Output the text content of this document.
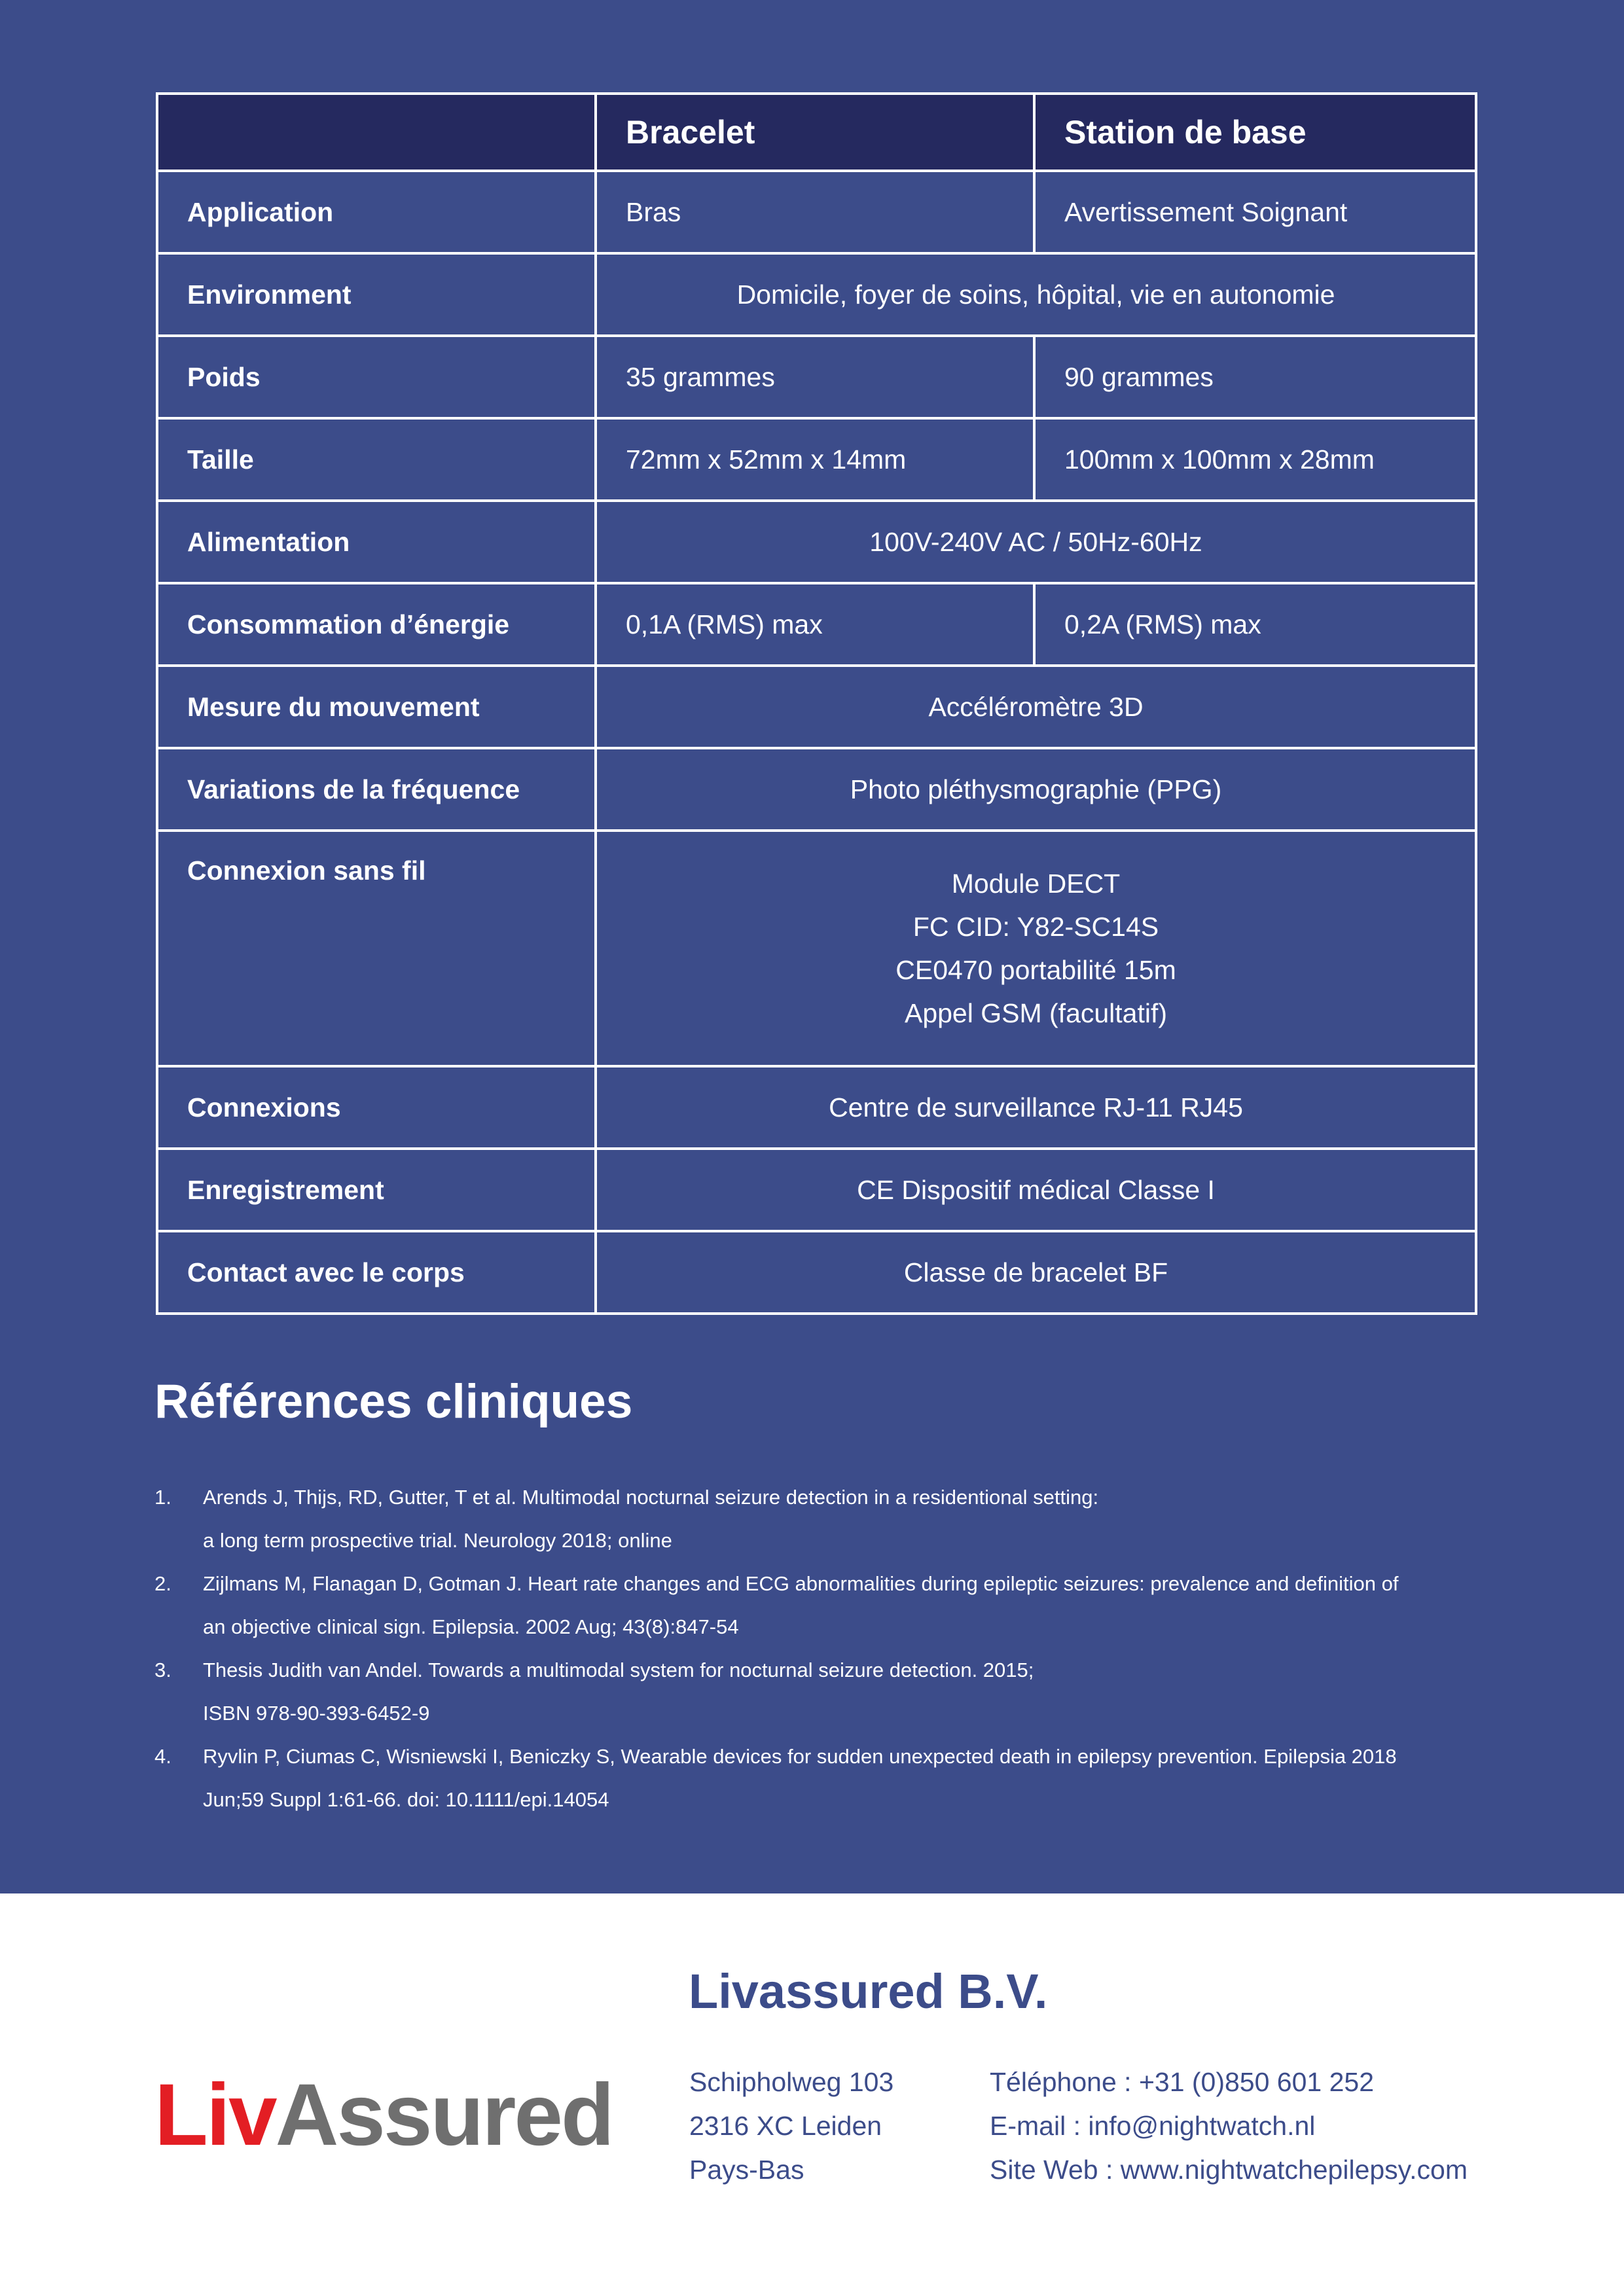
	Bracelet	Station de base
Application	Bras	Avertissement Soignant
Environment	Domicile, foyer de soins, hôpital, vie en autonomie	
Poids	35 grammes	90 grammes
Taille	72mm x 52mm x 14mm	100mm x 100mm x 28mm
Alimentation	100V-240V AC / 50Hz-60Hz	
Consommation d’énergie	0,1A (RMS) max	0,2A (RMS) max
Mesure du mouvement	Accéléromètre 3D	
Variations de la fréquence	Photo pléthysmographie (PPG)	
Connexion sans fil	Module DECT
FC CID: Y82-SC14S
CE0470 portabilité 15m
Appel GSM (facultatif)	

Connexions	Centre de surveillance RJ-11 RJ45	
Enregistrement	CE Dispositif médical Classe I	
Contact avec le corps	Classe de bracelet BF	
Références cliniques
1. Arends J, Thijs, RD, Gutter, T et al. Multimodal nocturnal seizure detection in a residentional setting:
a long term prospective trial. Neurology 2018; online
2. Zijlmans M, Flanagan D, Gotman J. Heart rate changes and ECG abnormalities during epileptic seizures: prevalence and definition of
an objective clinical sign. Epilepsia. 2002 Aug; 43(8):847-54
3. Thesis Judith van Andel. Towards a multimodal system for nocturnal seizure detection. 2015;
ISBN 978-90-393-6452-9
4. Ryvlin P, Ciumas C, Wisniewski I, Beniczky S, Wearable devices for sudden unexpected death in epilepsy prevention. Epilepsia 2018
Jun;59 Suppl 1:61-66. doi: 10.1111/epi.14054
LivAssured
Livassured B.V.
Schipholweg 103
2316 XC Leiden
Pays-Bas
Téléphone : +31 (0)850 601 252
E-mail : info@nightwatch.nl
Site Web : www.nightwatchepilepsy.com
